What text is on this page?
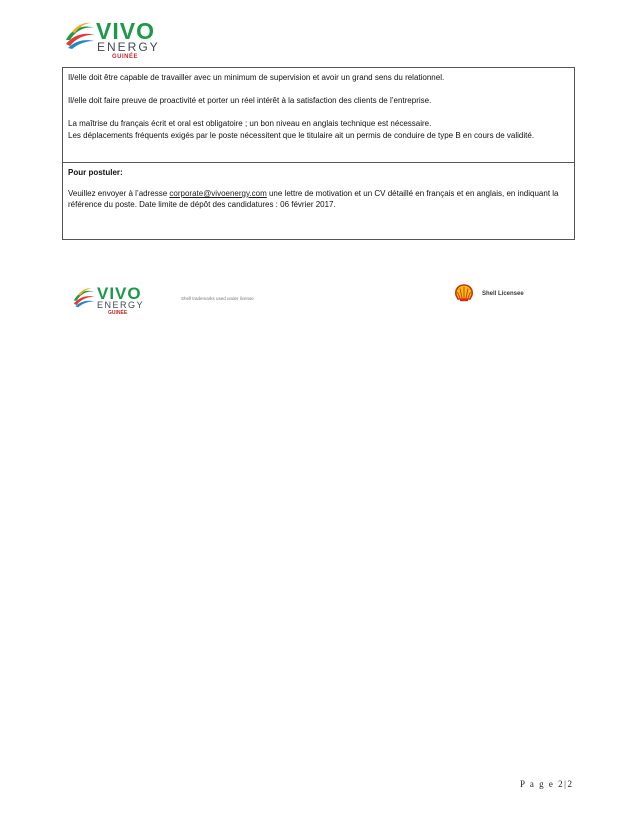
VIVO
ENERGY
GUINÉE

Il/elle doit être capable de travailler avec un minimum de supervision et avoir un grand sens du relationnel.

Il/elle doit faire preuve de proactivité et porter un réel intérêt à la satisfaction des clients de l’entreprise.

La maîtrise du français écrit et oral est obligatoire ; un bon niveau en anglais technique est nécessaire.

Les déplacements fréquents exigés par le poste nécessitent que le titulaire ait un permis de conduire de type B en cours de validité.

Pour postuler:

Veuillez envoyer à l’adresse corporate@vivoenergy.com une lettre de motivation et un CV détaillé en français et en anglais, en indiquant la référence du poste. Date limite de dépôt des candidatures : 06 février 2017.

VIVO
ENERGY
GUINÉE
Shell trademarks used under license
Shell Licensee
P a g e 2|2
